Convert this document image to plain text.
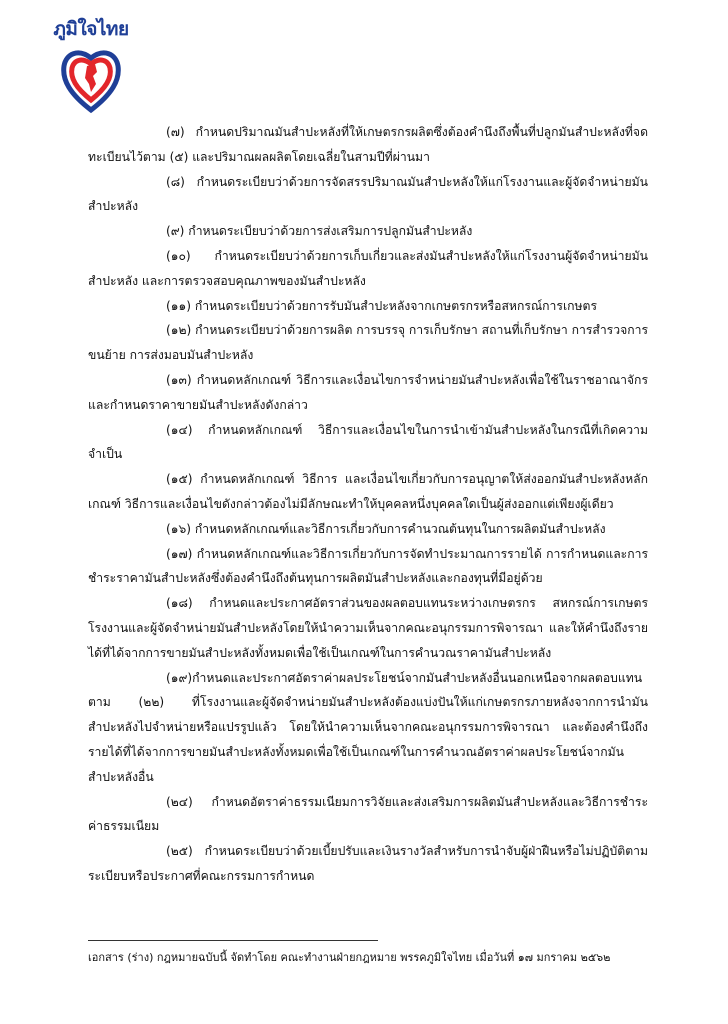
ภูมิใจไทย

(๗) กำหนดปริมาณมันสำปะหลังที่ให้เกษตรกรผลิตซึ่งต้องคำนึงถึงพื้นที่ปลูกมันสำปะหลังที่จดทะเบียนไว้ตาม (๕) และปริมาณผลผลิตโดยเฉลี่ยในสามปีที่ผ่านมา

(๘) กำหนดระเบียบว่าด้วยการจัดสรรปริมาณมันสำปะหลังให้แก่โรงงานและผู้จัดจำหน่ายมันสำปะหลัง

(๙) กำหนดระเบียบว่าด้วยการส่งเสริมการปลูกมันสำปะหลัง

(๑๐) กำหนดระเบียบว่าด้วยการเก็บเกี่ยวและส่งมันสำปะหลังให้แก่โรงงานผู้จัดจำหน่ายมันสำปะหลัง และการตรวจสอบคุณภาพของมันสำปะหลัง

(๑๑) กำหนดระเบียบว่าด้วยการรับมันสำปะหลังจากเกษตรกรหรือสหกรณ์การเกษตร

(๑๒) กำหนดระเบียบว่าด้วยการผลิต การบรรจุ การเก็บรักษา สถานที่เก็บรักษา การสำรวจการขนย้าย การส่งมอบมันสำปะหลัง

(๑๓) กำหนดหลักเกณฑ์ วิธีการและเงื่อนไขการจำหน่ายมันสำปะหลังเพื่อใช้ในราชอาณาจักร และกำหนดราคาขายมันสำปะหลังดังกล่าว

(๑๔) กำหนดหลักเกณฑ์ วิธีการและเงื่อนไขในการนำเข้ามันสำปะหลังในกรณีที่เกิดความจำเป็น

(๑๕) กำหนดหลักเกณฑ์ วิธีการ และเงื่อนไขเกี่ยวกับการอนุญาตให้ส่งออกมันสำปะหลังหลักเกณฑ์ วิธีการและเงื่อนไขดังกล่าวต้องไม่มีลักษณะทำให้บุคคลหนึ่งบุคคลใดเป็นผู้ส่งออกแต่เพียงผู้เดียว

(๑๖) กำหนดหลักเกณฑ์และวิธีการเกี่ยวกับการคำนวณต้นทุนในการผลิตมันสำปะหลัง

(๑๗) กำหนดหลักเกณฑ์และวิธีการเกี่ยวกับการจัดทำประมาณการรายได้ การกำหนดและการชำระราคามันสำปะหลังซึ่งต้องคำนึงถึงต้นทุนการผลิตมันสำปะหลังและกองทุนที่มีอยู่ด้วย

(๑๘) กำหนดและประกาศอัตราส่วนของผลตอบแทนระหว่างเกษตรกร สหกรณ์การเกษตร โรงงานและผู้จัดจำหน่ายมันสำปะหลังโดยให้นำความเห็นจากคณะอนุกรรมการพิจารณา และให้คำนึงถึงรายได้ที่ได้จากการขายมันสำปะหลังทั้งหมดเพื่อใช้เป็นเกณฑ์ในการคำนวณราคามันสำปะหลัง

(๑๙)กำหนดและประกาศอัตราค่าผลประโยชน์จากมันสำปะหลังอื่นนอกเหนือจากผลตอบแทนตาม (๒๒) ที่โรงงานและผู้จัดจำหน่ายมันสำปะหลังต้องแบ่งปันให้แก่เกษตรกรภายหลังจากการนำมันสำปะหลังไปจำหน่ายหรือแปรรูปแล้ว โดยให้นำความเห็นจากคณะอนุกรรมการพิจารณา และต้องคำนึงถึงรายได้ที่ได้จากการขายมันสำปะหลังทั้งหมดเพื่อใช้เป็นเกณฑ์ในการคำนวณอัตราค่าผลประโยชน์จากมันสำปะหลังอื่น

(๒๔) กำหนดอัตราค่าธรรมเนียมการวิจัยและส่งเสริมการผลิตมันสำปะหลังและวิธีการชำระค่าธรรมเนียม

(๒๕) กำหนดระเบียบว่าด้วยเบี้ยปรับและเงินรางวัลสำหรับการนำจับผู้ฝ่าฝืนหรือไม่ปฏิบัติตามระเบียบหรือประกาศที่คณะกรรมการกำหนด

เอกสาร (ร่าง) กฎหมายฉบับนี้ จัดทำโดย คณะทำงานฝ่ายกฎหมาย พรรคภูมิใจไทย เมื่อวันที่ ๑๗ มกราคม ๒๕๖๒
